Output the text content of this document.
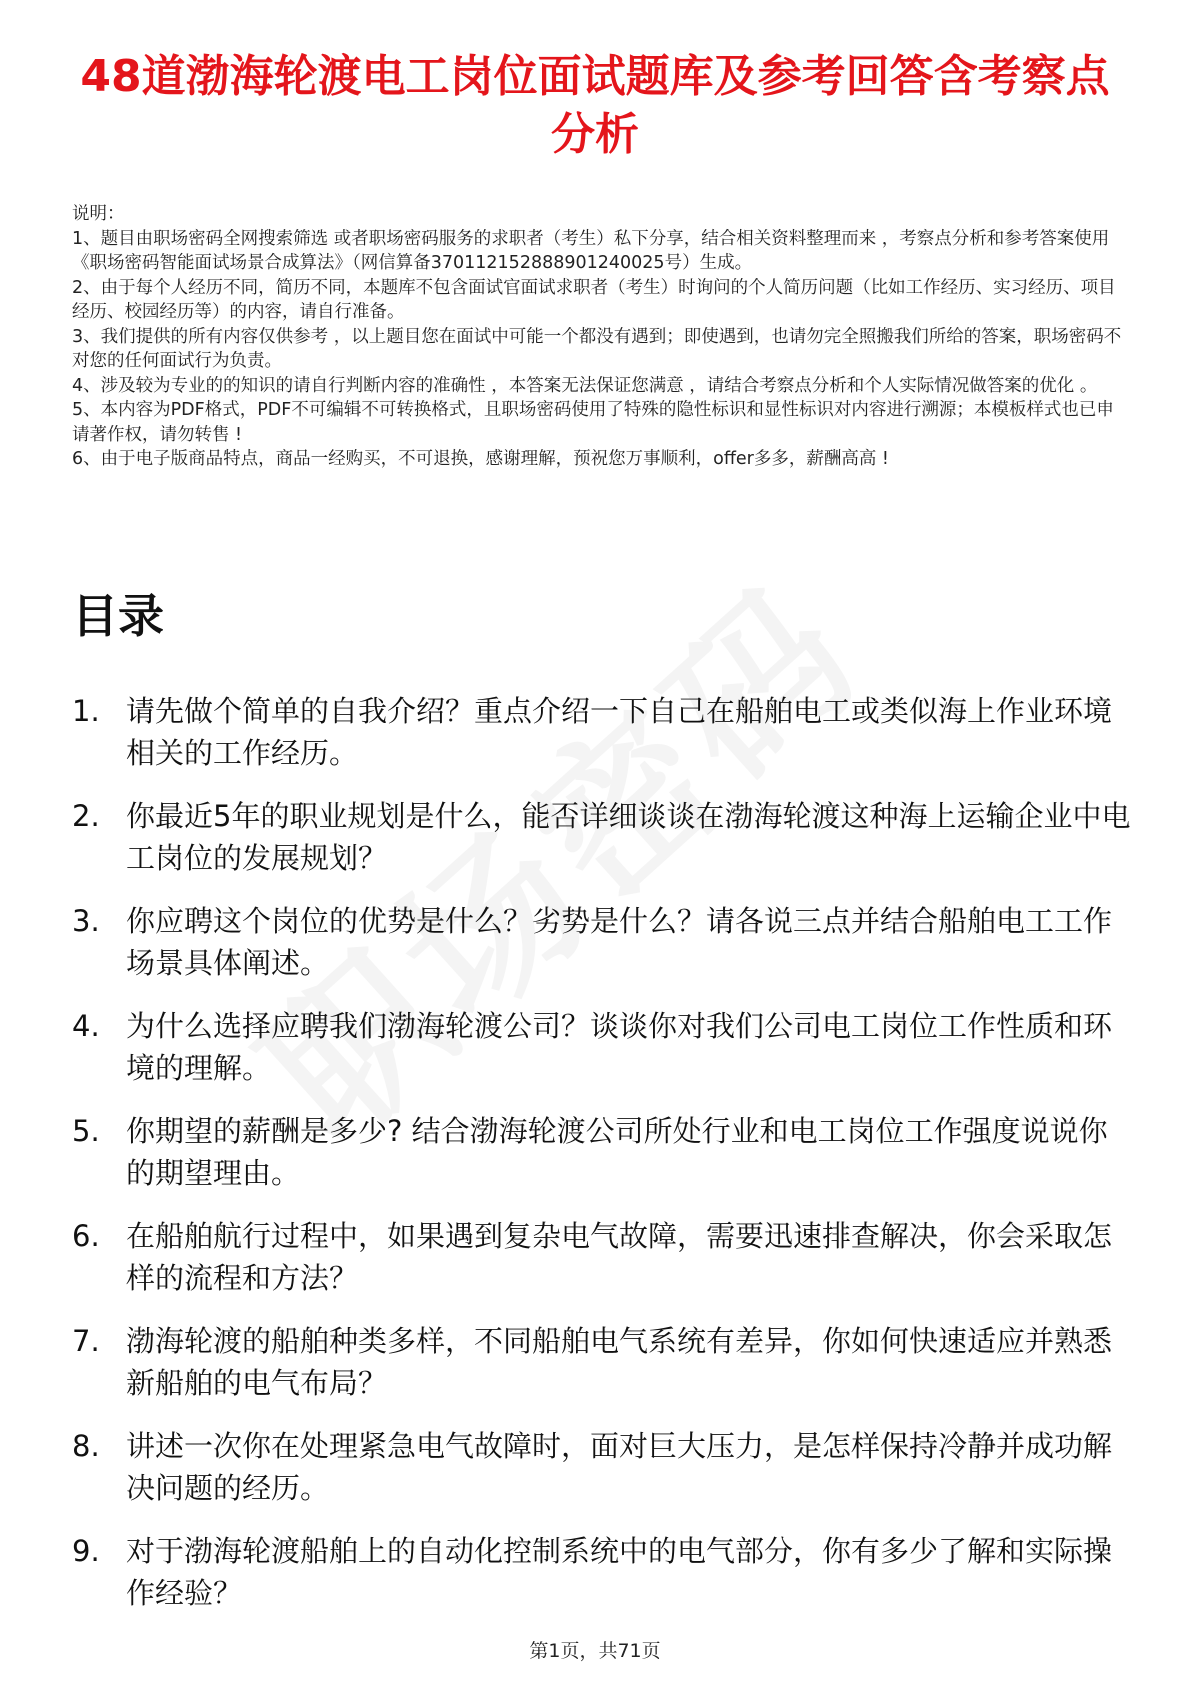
48道渤海轮渡电工岗位面试题库及参考回答含考察点分析

说明：

1、题目由职场密码全网搜索筛选 或者职场密码服务的求职者（考生）私下分享，结合相关资料整理而来 ，考察点分析和参考答案使用《职场密码智能面试场景合成算法》（网信算备370112152888901240025号）生成。

2、由于每个人经历不同，简历不同，本题库不包含面试官面试求职者（考生）时询问的个人简历问题（比如工作经历、实习经历、项目经历、校园经历等）的内容，请自行准备。

3、我们提供的所有内容仅供参考 ，以上题目您在面试中可能一个都没有遇到；即使遇到，也请勿完全照搬我们所给的答案，职场密码不对您的任何面试行为负责。

4、涉及较为专业的的知识的请自行判断内容的准确性 ，本答案无法保证您满意 ，请结合考察点分析和个人实际情况做答案的优化 。

5、本内容为PDF格式，PDF不可编辑不可转换格式，且职场密码使用了特殊的隐性标识和显性标识对内容进行溯源；本模板样式也已申请著作权，请勿转售 !

6、由于电子版商品特点，商品一经购买，不可退换，感谢理解，预祝您万事顺利，offer多多，薪酬高高 !

目录
1. 请先做个简单的自我介绍？重点介绍一下自己在船舶电工或类似海上作业环境相关的工作经历。
2. 你最近5年的职业规划是什么，能否详细谈谈在渤海轮渡这种海上运输企业中电工岗位的发展规划？
3. 你应聘这个岗位的优势是什么？劣势是什么？请各说三点并结合船舶电工工作场景具体阐述。
4. 为什么选择应聘我们渤海轮渡公司？谈谈你对我们公司电工岗位工作性质和环境的理解。
5. 你期望的薪酬是多少? 结合渤海轮渡公司所处行业和电工岗位工作强度说说你的期望理由。
6. 在船舶航行过程中，如果遇到复杂电气故障，需要迅速排查解决，你会采取怎样的流程和方法？
7. 渤海轮渡的船舶种类多样，不同船舶电气系统有差异，你如何快速适应并熟悉新船舶的电气布局？
8. 讲述一次你在处理紧急电气故障时，面对巨大压力，是怎样保持冷静并成功解决问题的经历。
9. 对于渤海轮渡船舶上的自动化控制系统中的电气部分，你有多少了解和实际操作经验？
第1页，共71页
